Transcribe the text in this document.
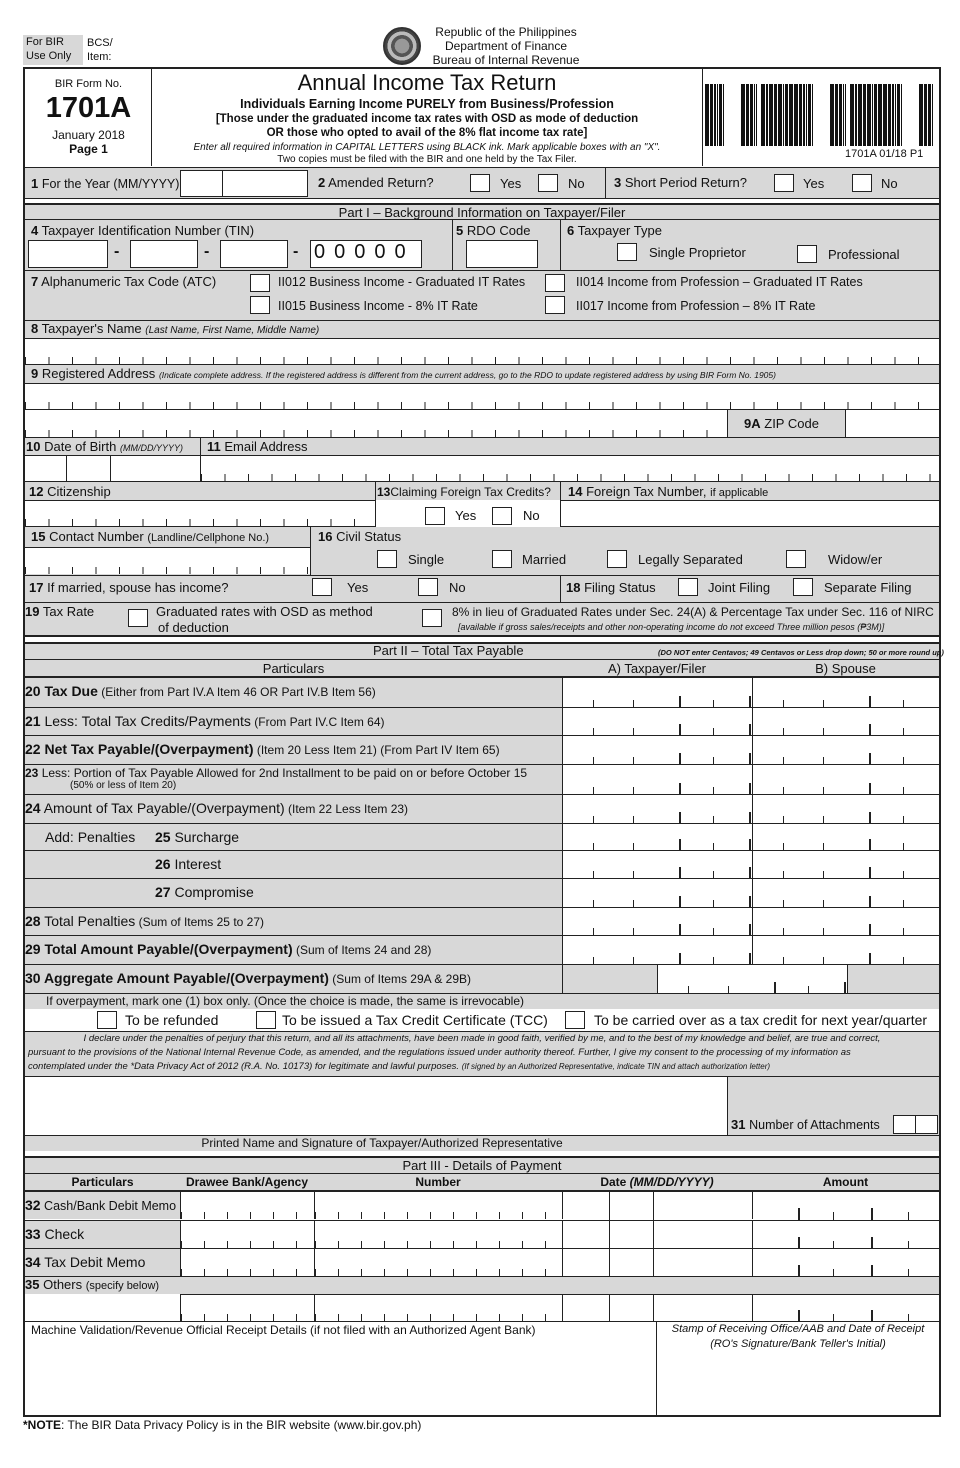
For BIR
Use Only
BCS/
Item:
Republic of the Philippines
Department of Finance
Bureau of Internal Revenue
BIR Form No.
1701A
January 2018
Page 1
Annual Income Tax Return
Individuals Earning Income PURELY from Business/Profession
[Those under the graduated income tax rates with OSD as mode of deduction
OR those who opted to avail of the 8% flat income tax rate]
Enter all required information in CAPITAL LETTERS using BLACK ink. Mark applicable boxes with an "X".
Two copies must be filed with the BIR and one held by the Tax Filer.	1701A 01/18 P1
1 For the Year (MM/YYYY)	2 Amended Return?	Yes	No 3 Short Period Return?	Yes	No
Part I – Background Information on Taxpayer/Filer
4 Taxpayer Identification Number (TIN)
-	-	- 00000
5 RDO Code	6 Taxpayer Type
Single Proprietor	Professional
7 Alphanumeric Tax Code (ATC)	II012 Business Income - Graduated IT Rates
II015 Business Income - 8% IT Rate
II014 Income from Profession – Graduated IT Rates
II017 Income from Profession – 8% IT Rate
8 Taxpayer's Name (Last Name, First Name, Middle Name)
9 Registered Address (Indicate complete address. If the registered address is different from the current address, go to the RDO to update registered address by using BIR Form No. 1905)
9A ZIP Code
10 Date of Birth (MM/DD/YYYY) 11 Email Address
12 Citizenship	13Claiming Foreign Tax Credits?
Yes	No
14 Foreign Tax Number, if applicable
15 Contact Number (Landline/Cellphone No.)	16 Civil Status
Single	Married	Legally Separated	Widow/er
17 If married, spouse has income?	Yes	No	18 Filing Status	Joint Filing	Separate Filing
19 Tax Rate	Graduated rates with OSD as method
of deduction
8% in lieu of Graduated Rates under Sec. 24(A) & Percentage Tax under Sec. 116 of NIRC
[available if gross sales/receipts and other non-operating income do not exceed Three million pesos (₱3M)]
Part II – Total Tax Payable	(DO NOT enter Centavos; 49 Centavos or Less drop down; 50 or more round up)
Particulars	A) Taxpayer/Filer	B) Spouse
20 Tax Due (Either from Part IV.A Item 46 OR Part IV.B Item 56)
21 Less: Total Tax Credits/Payments (From Part IV.C Item 64)
22 Net Tax Payable/(Overpayment) (Item 20 Less Item 21) (From Part IV Item 65)
23 Less: Portion of Tax Payable Allowed for 2nd Installment to be paid on or before October 15
(50% or less of Item 20)
24 Amount of Tax Payable/(Overpayment) (Item 22 Less Item 23)
25 Surcharge
Add: Penalties
26 Interest
27 Compromise
28 Total Penalties (Sum of Items 25 to 27)
29 Total Amount Payable/(Overpayment) (Sum of Items 24 and 28)
30 Aggregate Amount Payable/(Overpayment) (Sum of Items 29A & 29B)
If overpayment, mark one (1) box only. (Once the choice is made, the same is irrevocable)
To be refunded	To be issued a Tax Credit Certificate (TCC)	To be carried over as a tax credit for next year/quarter
I declare under the penalties of perjury that this return, and all its attachments, have been made in good faith, verified by me, and to the best of my knowledge and belief, are true and correct,
pursuant to the provisions of the National Internal Revenue Code, as amended, and the regulations issued under authority thereof. Further, I give my consent to the processing of my information as
contemplated under the *Data Privacy Act of 2012 (R.A. No. 10173) for legitimate and lawful purposes. (If signed by an Authorized Representative, indicate TIN and attach authorization letter)
31 Number of Attachments
Printed Name and Signature of Taxpayer/Authorized Representative
Part III - Details of Payment
Particulars	Drawee Bank/Agency	Number	Date (MM/DD/YYYY)	Amount
32 Cash/Bank Debit Memo
33 Check
34 Tax Debit Memo
35 Others (specify below)
Machine Validation/Revenue Official Receipt Details (if not filed with an Authorized Agent Bank)	Stamp of Receiving Office/AAB and Date of Receipt
(RO's Signature/Bank Teller's Initial)
*NOTE: The BIR Data Privacy Policy is in the BIR website (www.bir.gov.ph)
